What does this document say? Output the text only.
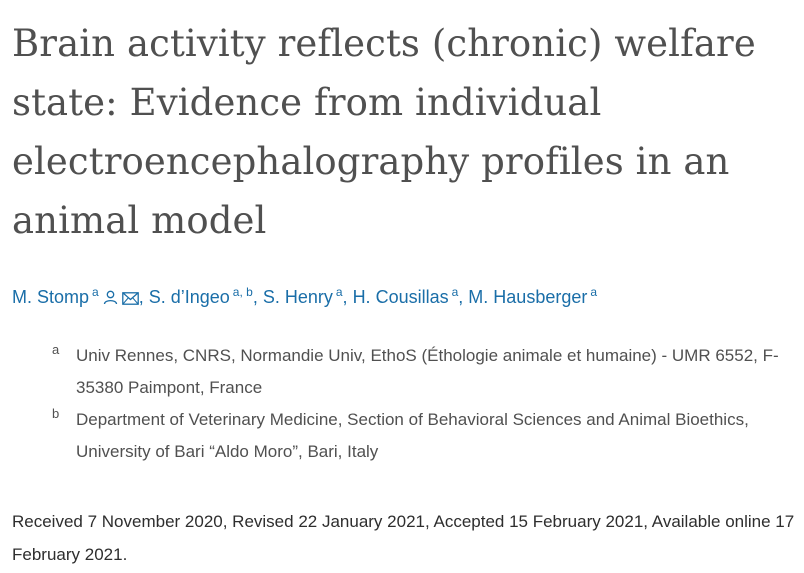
Brain activity reflects (chronic) welfare state: Evidence from individual electroencephalography profiles in an animal model
M. Stomp $^a$ , S. d’Ingeo $^{a, b}$, S. Henry $^a$, H. Cousillas $^a$, M. Hausberger $^a$
a Univ Rennes, CNRS, Normandie Univ, EthoS (Éthologie animale et humaine) - UMR 6552, F-35380 Paimpont, France
b Department of Veterinary Medicine, Section of Behavioral Sciences and Animal Bioethics, University of Bari “Aldo Moro”, Bari, Italy
Received 7 November 2020, Revised 22 January 2021, Accepted 15 February 2021, Available online 17 February 2021.
